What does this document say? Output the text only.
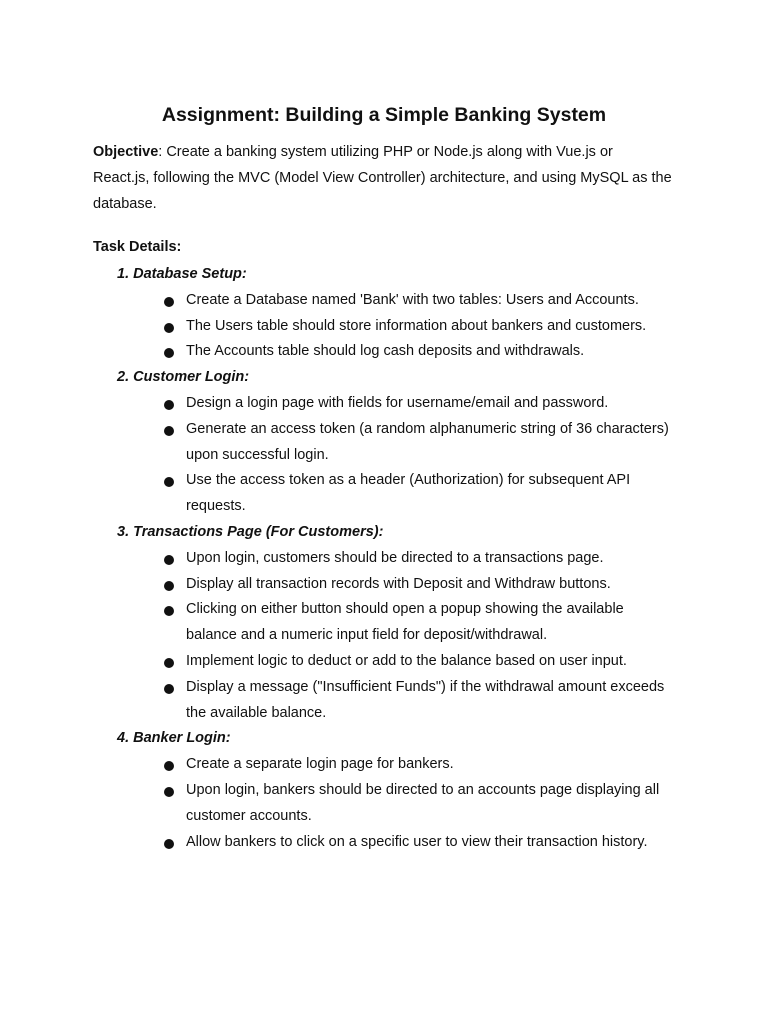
Assignment: Building a Simple Banking System

Objective: Create a banking system utilizing PHP or Node.js along with Vue.js or React.js, following the MVC (Model View Controller) architecture, and using MySQL as the database.

Task Details:

1. Database Setup:
Create a Database named 'Bank' with two tables: Users and Accounts.
The Users table should store information about bankers and customers.
The Accounts table should log cash deposits and withdrawals.
2. Customer Login:
Design a login page with fields for username/email and password.
Generate an access token (a random alphanumeric string of 36 characters) upon successful login.
Use the access token as a header (Authorization) for subsequent API requests.
3. Transactions Page (For Customers):
Upon login, customers should be directed to a transactions page.
Display all transaction records with Deposit and Withdraw buttons.
Clicking on either button should open a popup showing the available balance and a numeric input field for deposit/withdrawal.
Implement logic to deduct or add to the balance based on user input.
Display a message ("Insufficient Funds") if the withdrawal amount exceeds the available balance.
4. Banker Login:
Create a separate login page for bankers.
Upon login, bankers should be directed to an accounts page displaying all customer accounts.
Allow bankers to click on a specific user to view their transaction history.
